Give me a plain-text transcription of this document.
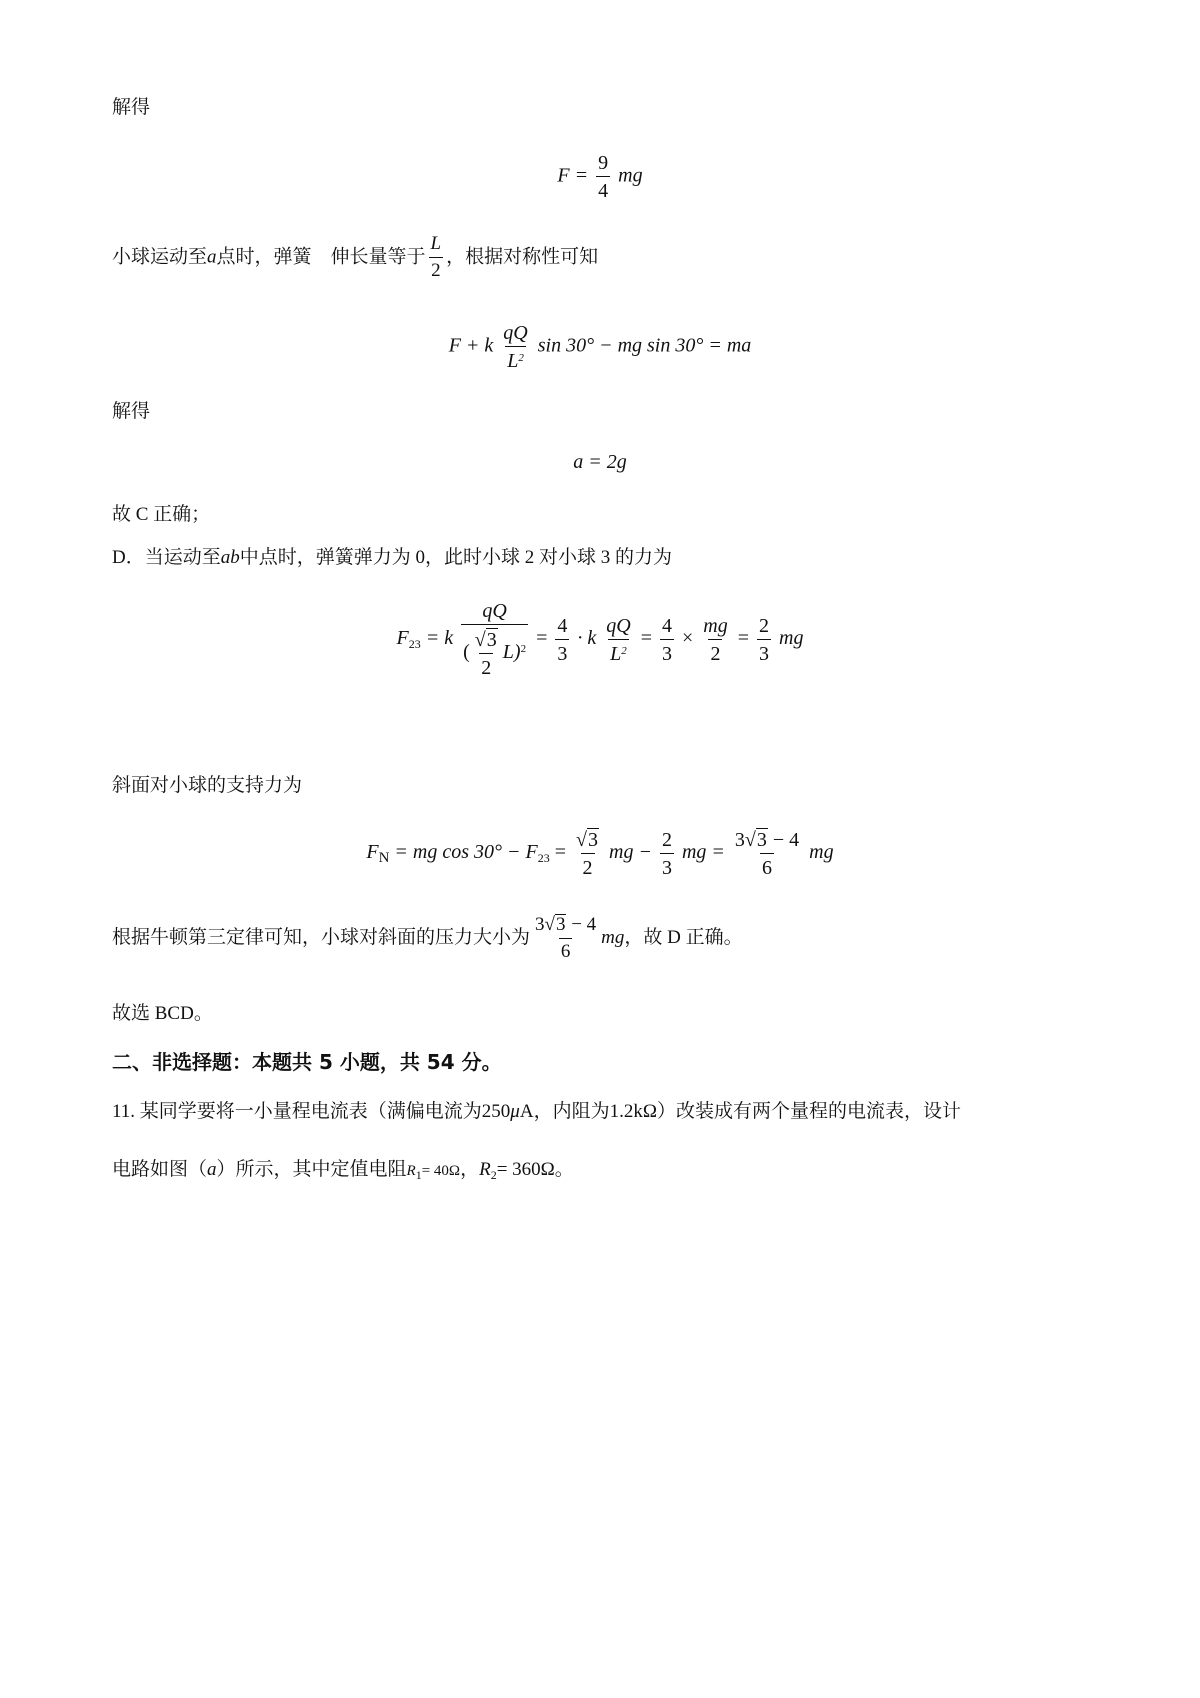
解得
$F = \frac{9}{4}$ mg
小球运动至a点时，弹簧　伸长量等于 $\frac{L}{2}$ ，根据对称性可知
F + k $\frac{qQ}{L^2}$ sin 30° − mg sin 30° = ma
解得
a = 2g
故 C 正确；
D．当运动至ab中点时，弹簧弹力为 0，此时小球 2 对小球 3 的力为
$F_{23} = k \frac{qQ}{( \frac{√ 3}{2} L)^2} = \frac{4}{3} \cdot k \frac{qQ}{L^2} = \frac{4}{3} \times \frac{mg}{2} = \frac{2}{3}$ mg
斜面对小球的支持力为
$F_N$ = mg $\cos 30^\circ - F_{23} = \frac{√ 3}{2}$ mg − $\frac{2}{3}$ mg = $\frac{3 √ 3 - 4}{6}$ mg
根据牛顿第三定律可知，小球对斜面的压力大小为 $\frac{3 √ 3 - 4}{6}$ mg，故 D 正确。
故选 BCD。
二、非选择题：本题共 5 小题，共 54 分。
11. 某同学要将一小量程电流表（满偏电流为250μA，内阻为1.2kΩ）改装成有两个量程的电流表，设计
电路如图（a）所示，其中定值电阻$R_1= 40\Omega$，$R_2= 360\Omega$。
